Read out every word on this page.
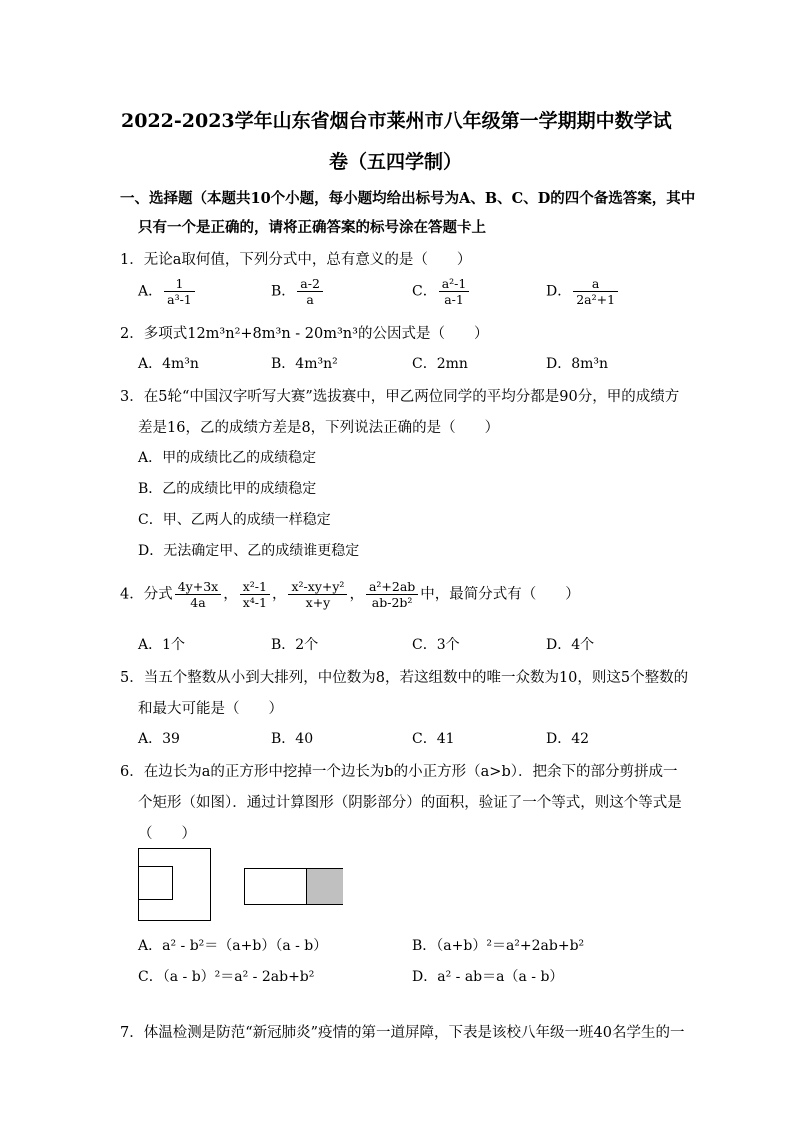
2022-2023学年山东省烟台市莱州市八年级第一学期期中数学试
卷（五四学制）
一、选择题（本题共10个小题，每小题均给出标号为A、B、C、D的四个备选答案，其中
只有一个是正确的，请将正确答案的标号涂在答题卡上
1．无论a取何值，下列分式中，总有意义的是（　　）
A． $\frac{1}{\text{a³-1}}$	B． $\frac{a-2}{a}$	C． $\frac{\text{a²-1}}{a-1}$	D． $\frac{a}{\text{2a²+1}}$
2．多项式12m³n²+8m³n - 20m³n³的公因式是（　　）
A．4m³n	B．4m³n²	C．2mn	D．8m³n
3．在5轮“中国汉字听写大赛”选拔赛中，甲乙两位同学的平均分都是90分，甲的成绩方
差是16，乙的成绩方差是8，下列说法正确的是（　　）
A．甲的成绩比乙的成绩稳定
B．乙的成绩比甲的成绩稳定
C．甲、乙两人的成绩一样稳定
D．无法确定甲、乙的成绩谁更稳定
4．分式 $\frac{4y+3x}{4a}$ ， $\frac{\text{x²-1}}{\text{x⁴-1}}$ ， $\frac{\text{x²-xy+y²}}{x+y}$ ， $\frac{\text{a²+2ab}}{\text{ab-2b²}}$ 中，最简分式有（　　）
A．1个	B．2个	C．3个	D．4个
5．当五个整数从小到大排列，中位数为8，若这组数中的唯一众数为10，则这5个整数的
和最大可能是（　　）
A．39	B．40	C．41	D．42
6．在边长为a的正方形中挖掉一个边长为b的小正方形（a>b）．把余下的部分剪拼成一
个矩形（如图）．通过计算图形（阴影部分）的面积，验证了一个等式，则这个等式是
（　　）
A．a² - b²＝（a+b）（a - b）	B．（a+b）²＝a²+2ab+b²
C．（a - b）²＝a² - 2ab+b²	D．a² - ab＝a（a - b）
7．体温检测是防范“新冠肺炎”疫情的第一道屏障，下表是该校八年级一班40名学生的一
